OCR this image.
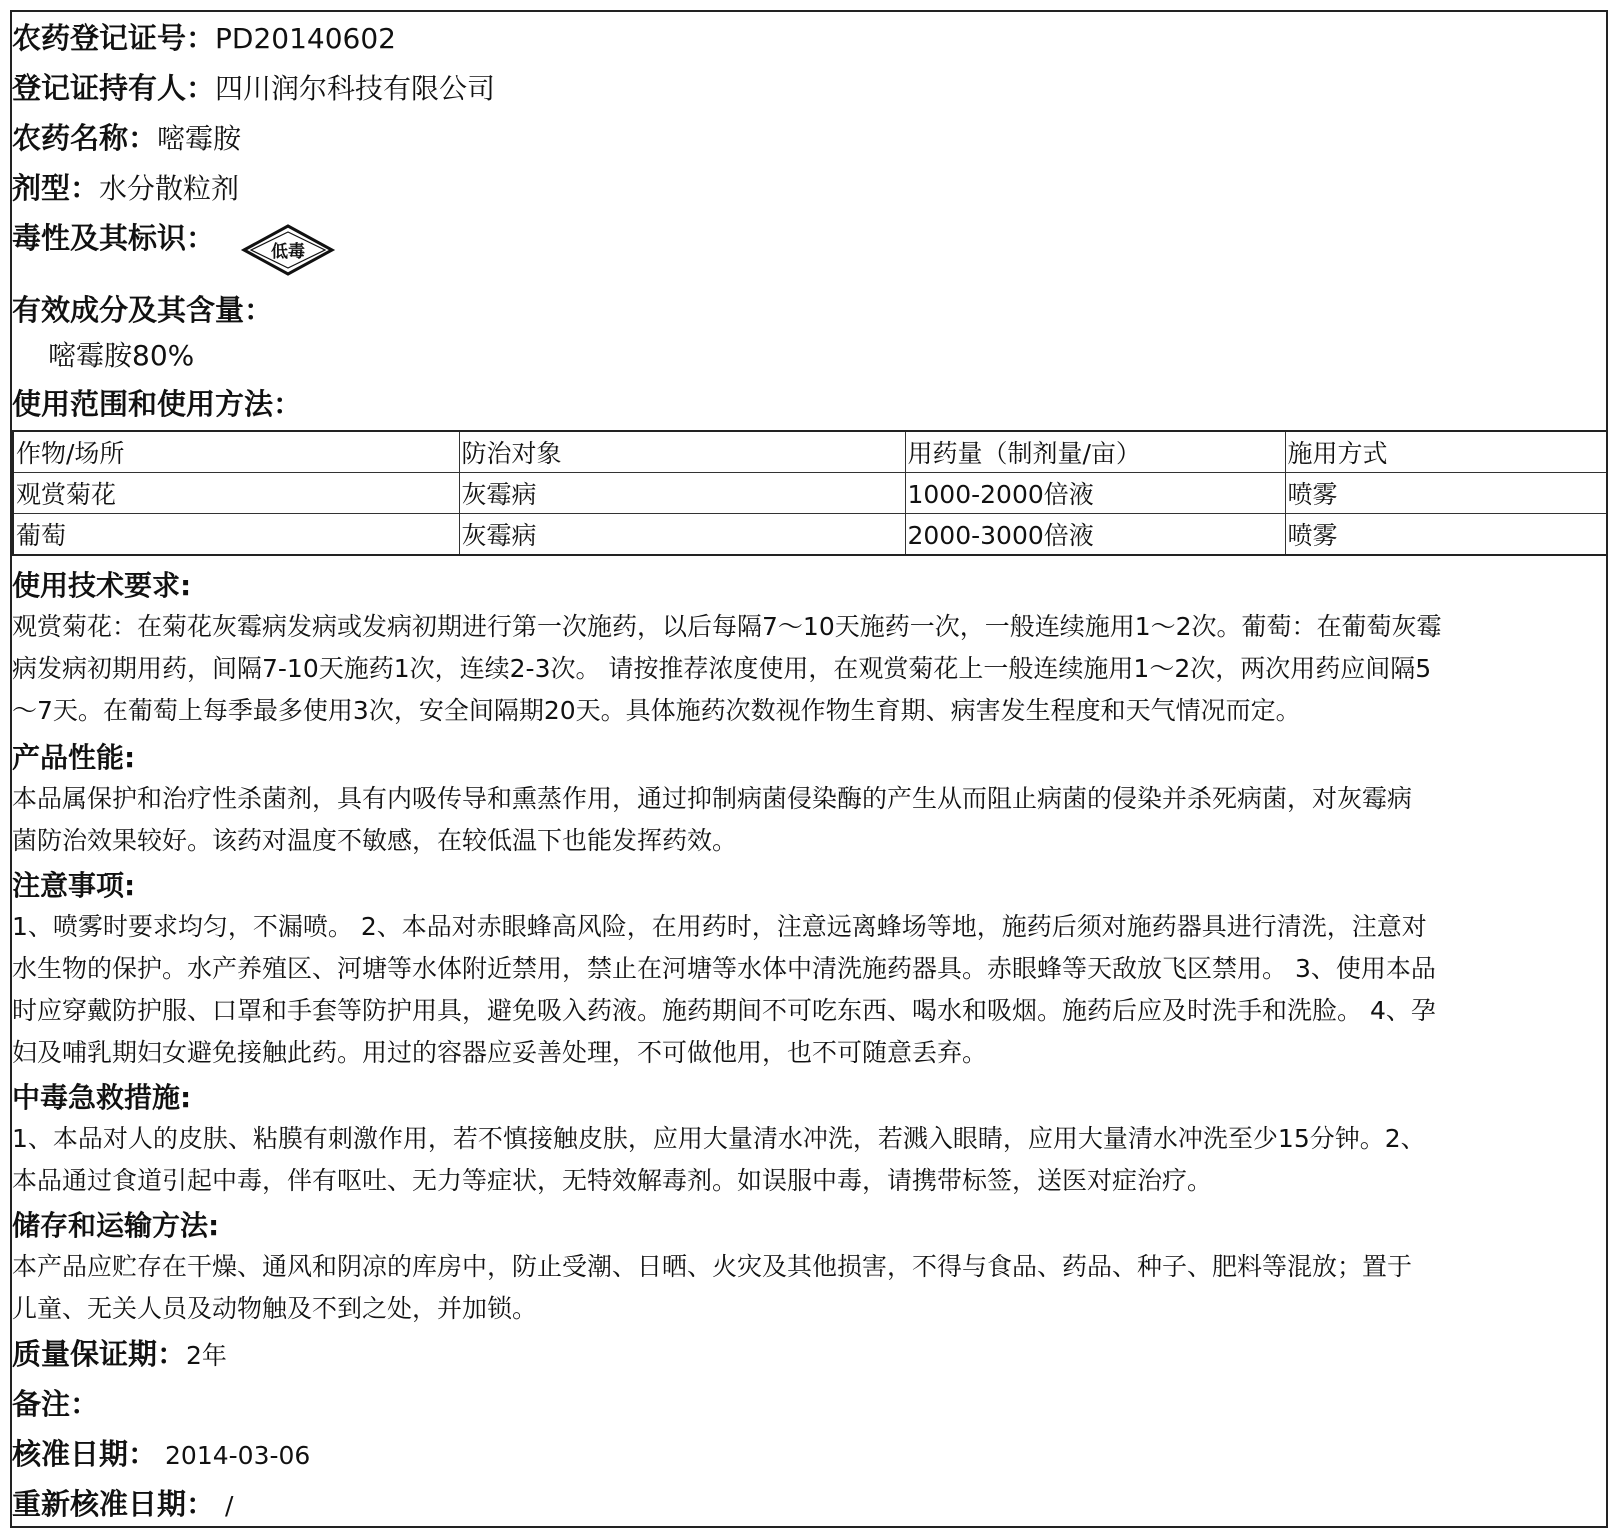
农药登记证号：PD20140602
登记证持有人：四川润尔科技有限公司
农药名称：嘧霉胺
剂型：水分散粒剂
毒性及其标识：	低毒
有效成分及其含量：
嘧霉胺80%
使用范围和使用方法：
作物/场所	防治对象	用药量（制剂量/亩）	施用方式
观赏菊花	灰霉病	1000-2000倍液	喷雾
葡萄	灰霉病	2000-3000倍液	喷雾
使用技术要求:
观赏菊花：在菊花灰霉病发病或发病初期进行第一次施药，以后每隔7～10天施药一次，一般连续施用1～2次。葡萄：在葡萄灰霉
病发病初期用药，间隔7-10天施药1次，连续2-3次。 请按推荐浓度使用，在观赏菊花上一般连续施用1～2次，两次用药应间隔5
～7天。在葡萄上每季最多使用3次，安全间隔期20天。具体施药次数视作物生育期、病害发生程度和天气情况而定。
产品性能:
本品属保护和治疗性杀菌剂，具有内吸传导和熏蒸作用，通过抑制病菌侵染酶的产生从而阻止病菌的侵染并杀死病菌，对灰霉病
菌防治效果较好。该药对温度不敏感，在较低温下也能发挥药效。
注意事项:
1、喷雾时要求均匀，不漏喷。 2、本品对赤眼蜂高风险，在用药时，注意远离蜂场等地，施药后须对施药器具进行清洗，注意对
水生物的保护。水产养殖区、河塘等水体附近禁用，禁止在河塘等水体中清洗施药器具。赤眼蜂等天敌放飞区禁用。 3、使用本品
时应穿戴防护服、口罩和手套等防护用具，避免吸入药液。施药期间不可吃东西、喝水和吸烟。施药后应及时洗手和洗脸。 4、孕
妇及哺乳期妇女避免接触此药。用过的容器应妥善处理，不可做他用，也不可随意丢弃。
中毒急救措施:
1、本品对人的皮肤、粘膜有刺激作用，若不慎接触皮肤，应用大量清水冲洗，若溅入眼睛，应用大量清水冲洗至少15分钟。2、
本品通过食道引起中毒，伴有呕吐、无力等症状，无特效解毒剂。如误服中毒，请携带标签，送医对症治疗。
储存和运输方法:
本产品应贮存在干燥、通风和阴凉的库房中，防止受潮、日晒、火灾及其他损害，不得与食品、药品、种子、肥料等混放；置于
儿童、无关人员及动物触及不到之处，并加锁。
质量保证期：2年
备注：
核准日期： 2014-03-06
重新核准日期： /
